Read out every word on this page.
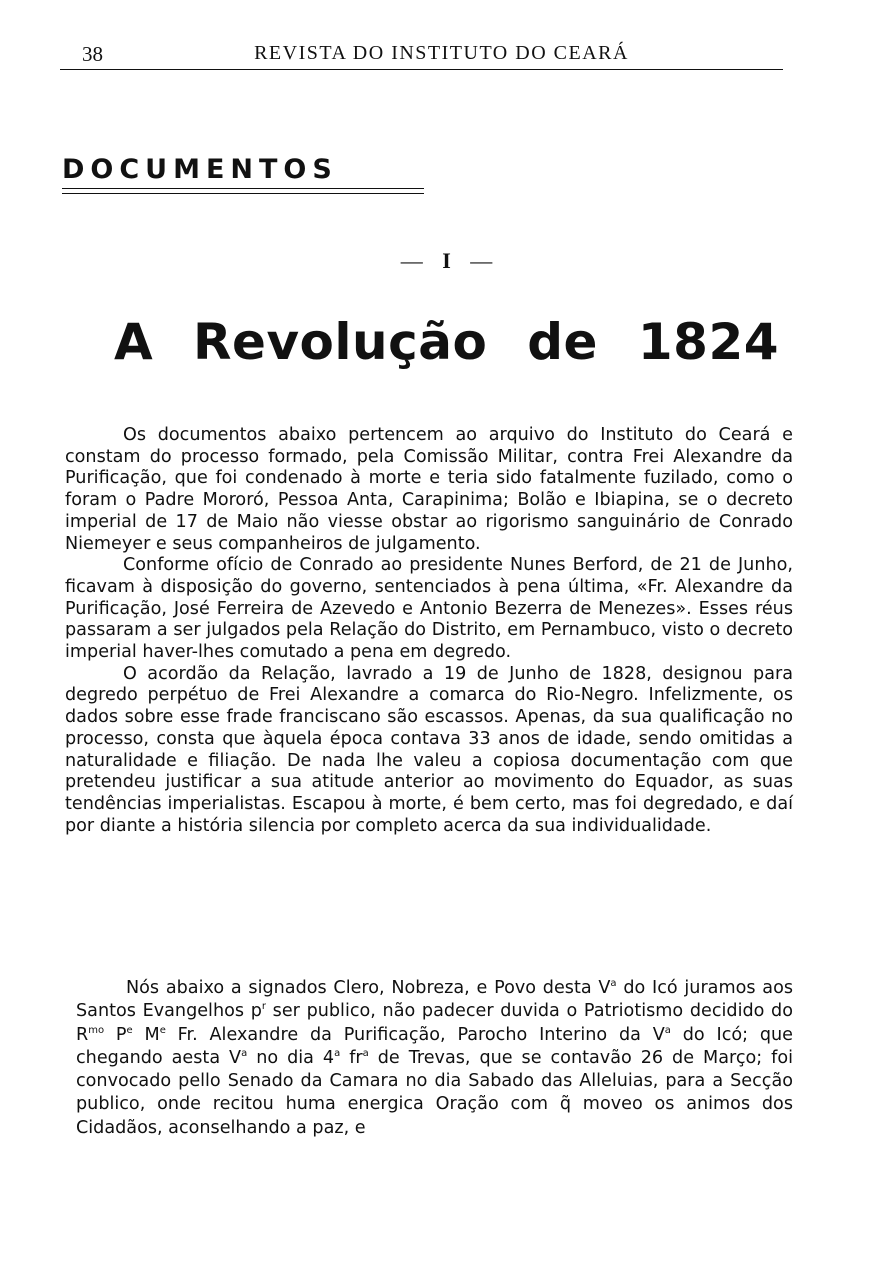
38	REVISTA DO INSTITUTO DO CEARÁ
DOCUMENTOS
— I —
A Revolução de 1824

Os documentos abaixo pertencem ao arquivo do Instituto do Ceará e constam do processo formado, pela Comissão Militar, contra Frei Alexandre da Purificação, que foi condenado à morte e teria sido fatalmente fuzilado, como o foram o Padre Mororó, Pessoa Anta, Carapinima; Bolão e Ibiapina, se o decreto imperial de 17 de Maio não viesse obstar ao rigorismo sanguinário de Conrado Niemeyer e seus companheiros de julgamento.

Conforme ofício de Conrado ao presidente Nunes Berford, de 21 de Junho, ficavam à disposição do governo, sentenciados à pena última, «Fr. Alexandre da Purificação, José Ferreira de Azevedo e Antonio Bezerra de Menezes». Esses réus passaram a ser julgados pela Relação do Distrito, em Pernambuco, visto o decreto imperial haver-lhes comutado a pena em degredo.

O acordão da Relação, lavrado a 19 de Junho de 1828, designou para degredo perpétuo de Frei Alexandre a comarca do Rio-Negro. Infelizmente, os dados sobre esse frade franciscano são escassos. Apenas, da sua qualificação no processo, consta que àquela época contava 33 anos de idade, sendo omitidas a naturalidade e filiação. De nada lhe valeu a copiosa documentação com que pretendeu justificar a sua atitude anterior ao movimento do Equador, as suas tendências imperialistas. Escapou à morte, é bem certo, mas foi degredado, e daí por diante a história silencia por completo acerca da sua individualidade.

Nós abaixo a signados Clero, Nobreza, e Povo desta $V^a$ do Icó juramos aos Santos Evangelhos $p^r$ ser publico, não padecer duvida o Patriotismo decidido do $R^{mo}$ $P^e$ Me Fr. Alexandre da Purificação, Parocho Interino da $V^a$ do Icó; que chegando aesta $V^a$ no dia 4$^a$ $fr^a$ de Trevas, que se contavão 26 de Março; foi convocado pello Senado da Camara no dia Sabado das Alleluias, para a Secção publico, onde recitou huma energica Oração com q̃ moveo os animos dos Cidadãos, aconselhando a paz, e
